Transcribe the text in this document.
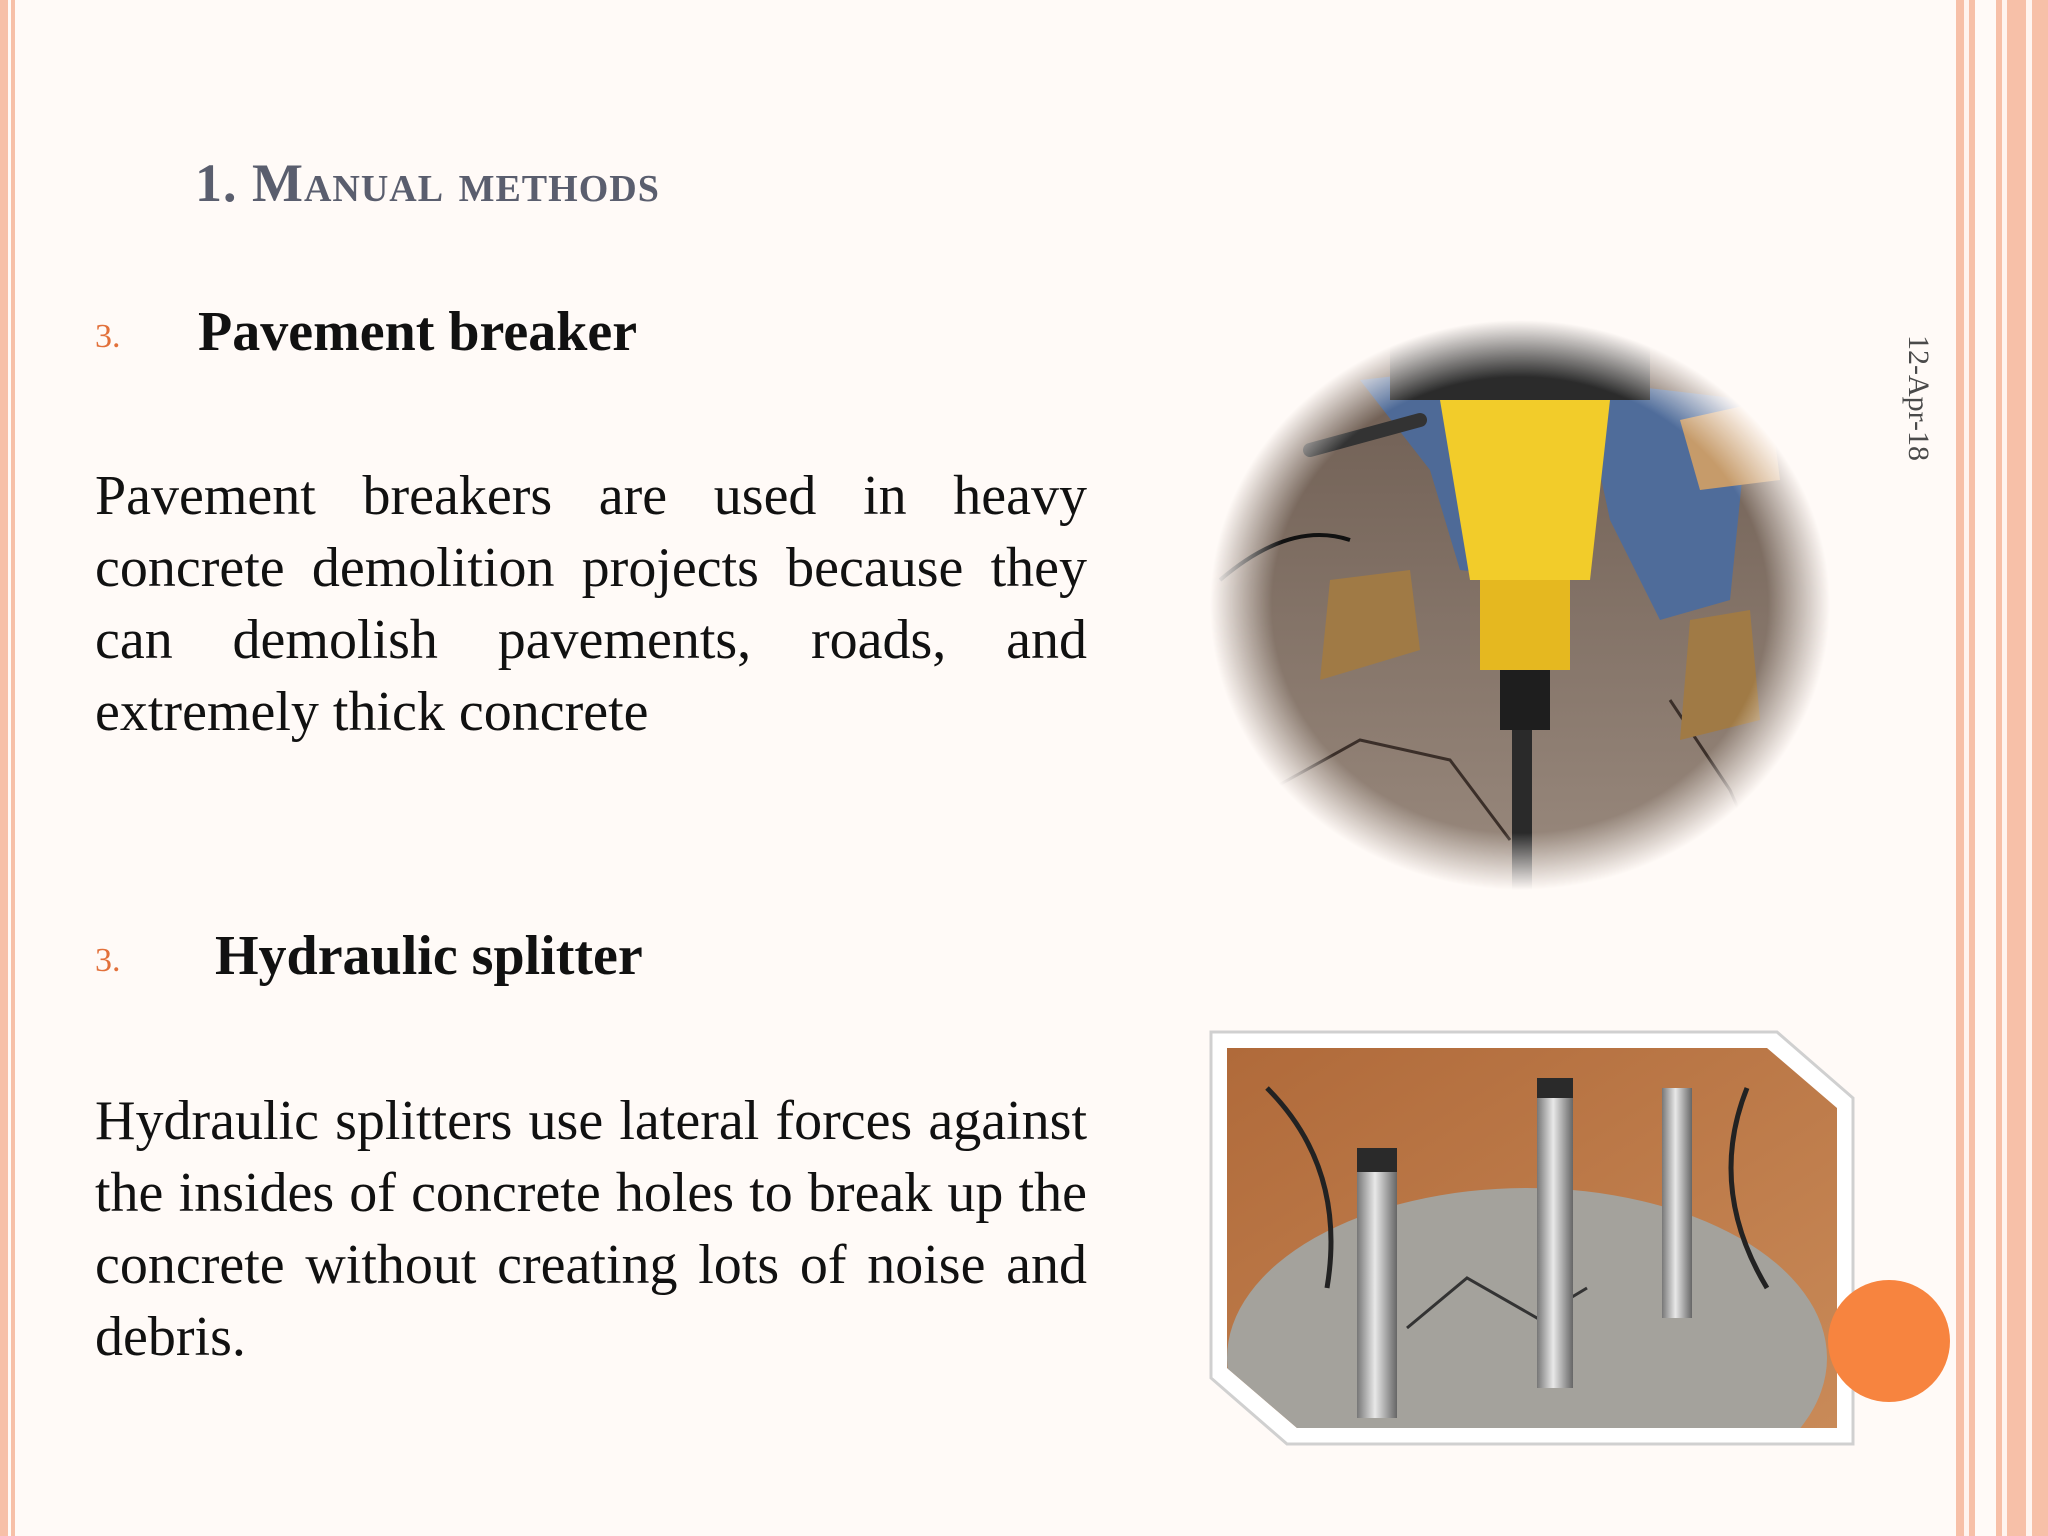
1. Manual methods
3. Pavement breaker

Pavement breakers are used in heavy concrete demolition projects because they can demolish pavements, roads, and extremely thick concrete

3. Hydraulic splitter

Hydraulic splitters use lateral forces against the insides of concrete holes to break up the concrete without creating lots of noise and debris.

12-Apr-18
